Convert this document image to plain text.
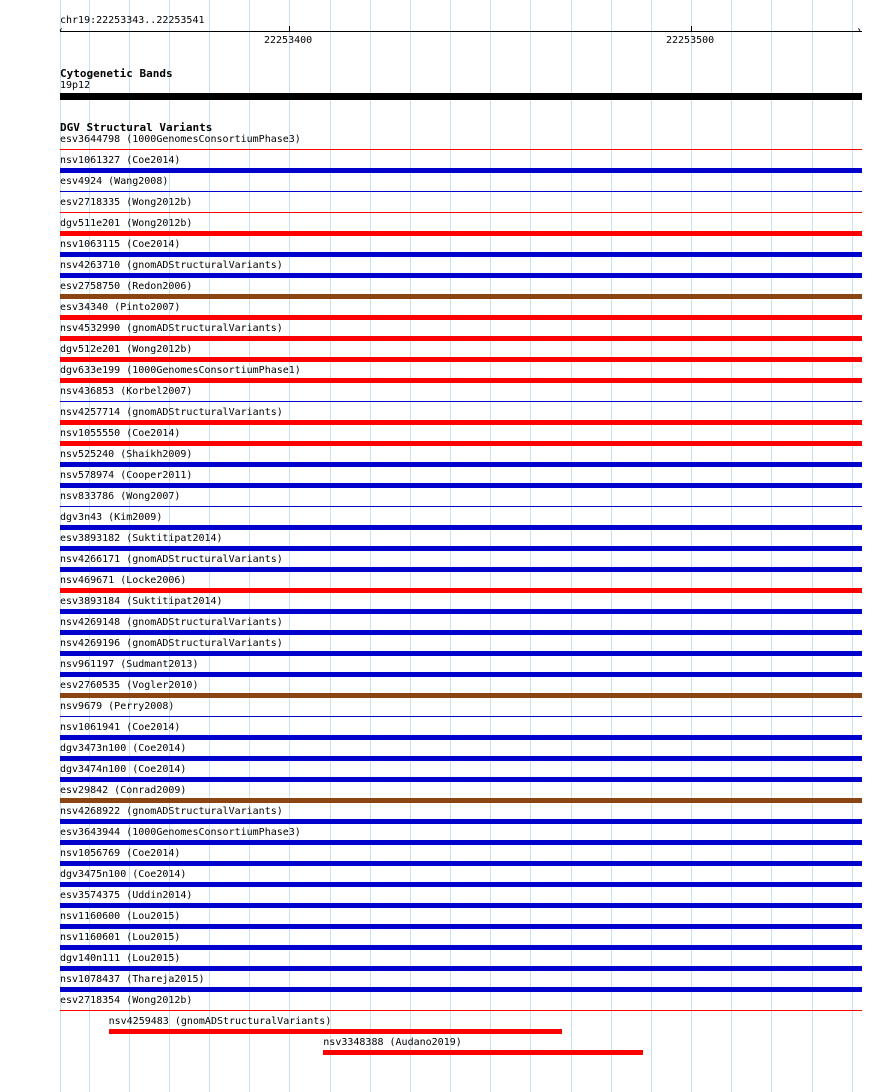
chr19:22253343..22253541
‹	›
22253400	22253500
Cytogenetic Bands
19p12
DGV Structural Variants
esv3644798 (1000GenomesConsortiumPhase3)
nsv1061327 (Coe2014)
esv4924 (Wang2008)
esv2718335 (Wong2012b)
dgv511e201 (Wong2012b)
nsv1063115 (Coe2014)
nsv4263710 (gnomADStructuralVariants)
esv2758750 (Redon2006)
esv34340 (Pinto2007)
nsv4532990 (gnomADStructuralVariants)
dgv512e201 (Wong2012b)
dgv633e199 (1000GenomesConsortiumPhase1)
nsv436853 (Korbel2007)
nsv4257714 (gnomADStructuralVariants)
nsv1055550 (Coe2014)
nsv525240 (Shaikh2009)
nsv578974 (Cooper2011)
nsv833786 (Wong2007)
dgv3n43 (Kim2009)
esv3893182 (Suktitipat2014)
nsv4266171 (gnomADStructuralVariants)
nsv469671 (Locke2006)
esv3893184 (Suktitipat2014)
nsv4269148 (gnomADStructuralVariants)
nsv4269196 (gnomADStructuralVariants)
nsv961197 (Sudmant2013)
esv2760535 (Vogler2010)
nsv9679 (Perry2008)
nsv1061941 (Coe2014)
dgv3473n100 (Coe2014)
dgv3474n100 (Coe2014)
esv29842 (Conrad2009)
nsv4268922 (gnomADStructuralVariants)
esv3643944 (1000GenomesConsortiumPhase3)
nsv1056769 (Coe2014)
dgv3475n100 (Coe2014)
esv3574375 (Uddin2014)
nsv1160600 (Lou2015)
nsv1160601 (Lou2015)
dgv140n111 (Lou2015)
nsv1078437 (Thareja2015)
esv2718354 (Wong2012b)
nsv4259483 (gnomADStructuralVariants)
nsv3348388 (Audano2019)
